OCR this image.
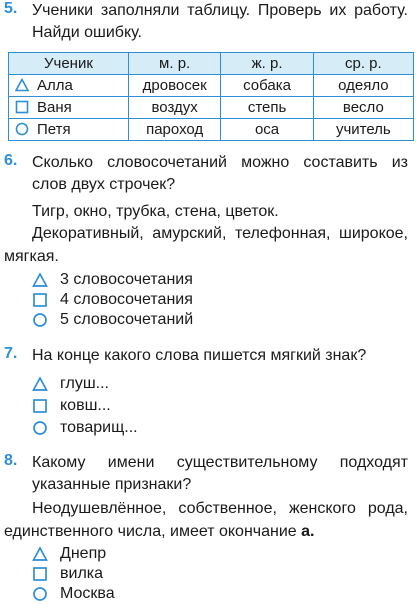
5. Ученики заполняли таблицу. Проверь их работу. Найди ошибку.
Ученик	м. р.	ж. р.	ср. р.
Алла	дровосек	собака	одеяло
Ваня	воздух	степь	весло
Петя	пароход	оса	учитель
6. Сколько словосочетаний можно составить из слов двух строчек?
Тигр, окно, трубка, стена, цветок.
Декоративный, амурский, телефонная, широкое, мягкая.
3 словосочетания
4 словосочетания
5 словосочетаний
7. На конце какого слова пишется мягкий знак?
глуш...
ковш...
товарищ...
8. Какому имени существительному подходят указанные признаки?
Неодушевлённое, собственное, женского рода, единственного числа, имеет окончание а.
Днепр
вилка
Москва
